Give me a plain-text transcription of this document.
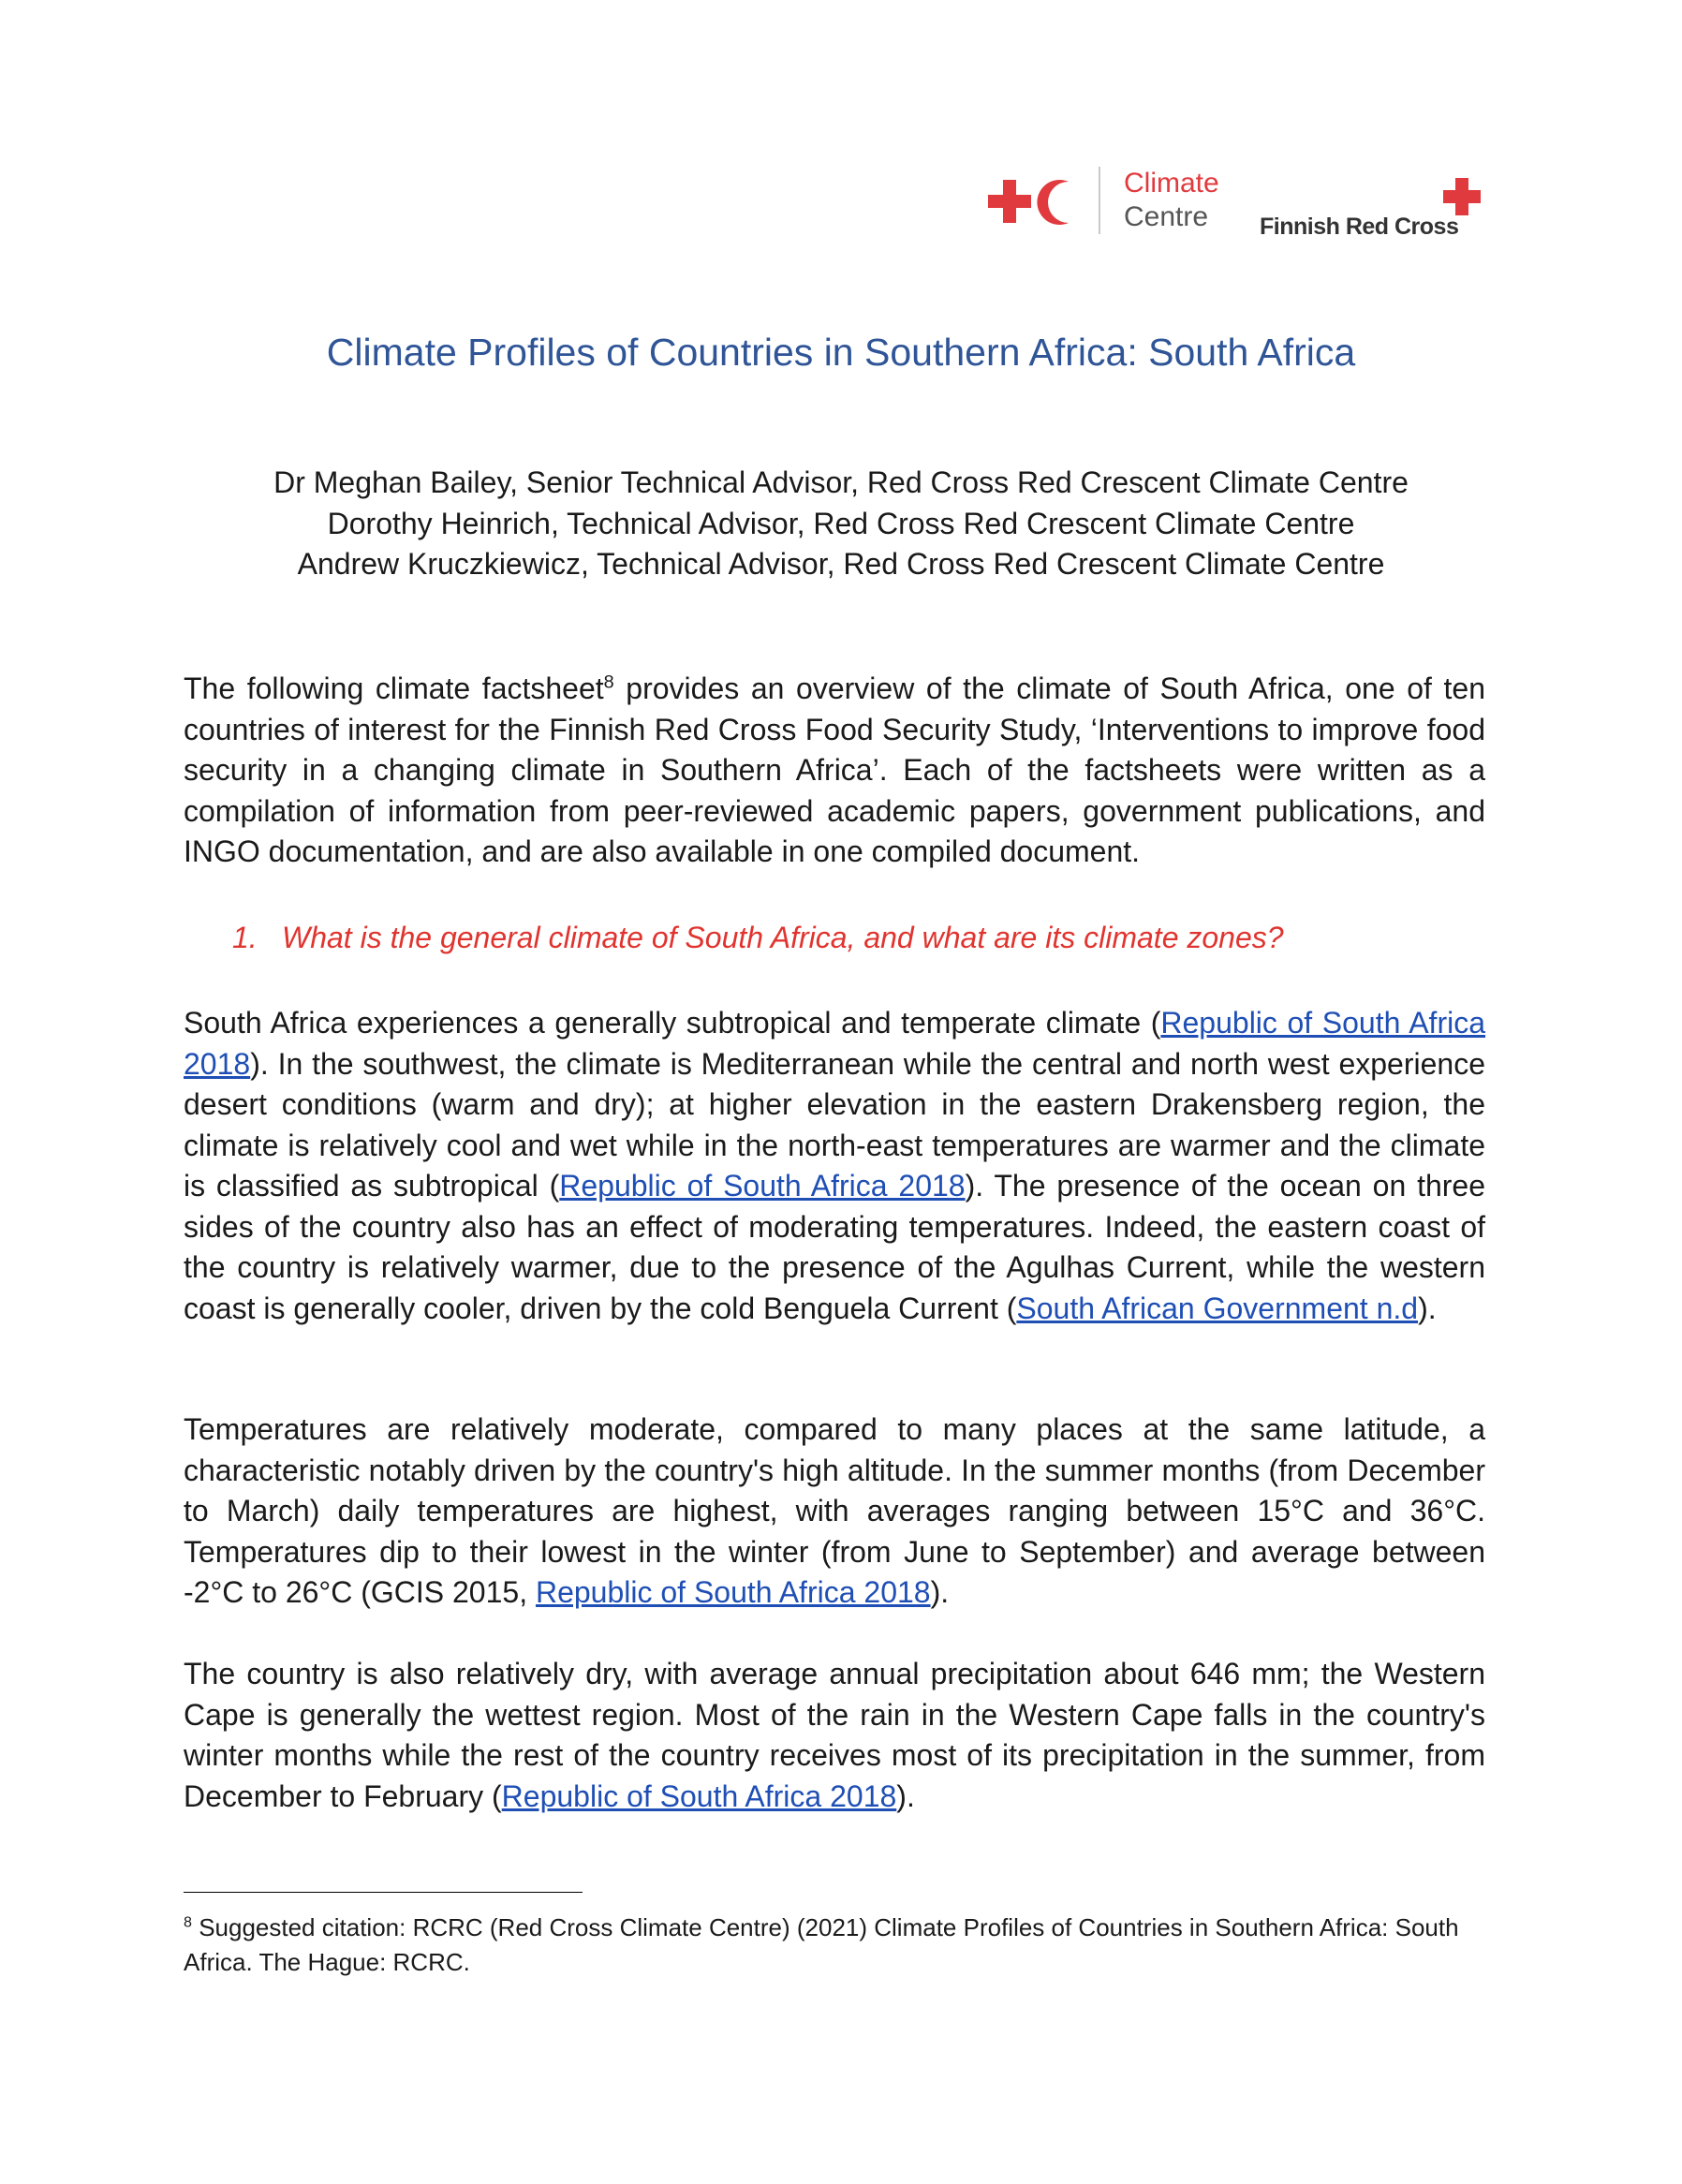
Climate
Centre	Finnish Red Cross
Climate Profiles of Countries in Southern Africa: South Africa
Dr Meghan Bailey, Senior Technical Advisor, Red Cross Red Crescent Climate Centre
Dorothy Heinrich, Technical Advisor, Red Cross Red Crescent Climate Centre
Andrew Kruczkiewicz, Technical Advisor, Red Cross Red Crescent Climate Centre

The following climate factsheet$^8$ provides an overview of the climate of South Africa, one of ten countries of interest for the Finnish Red Cross Food Security Study, ‘Interventions to improve food security in a changing climate in Southern Africa’. Each of the factsheets were written as a compilation of information from peer-reviewed academic papers, government publications, and INGO documentation, and are also available in one compiled document.

1. What is the general climate of South Africa, and what are its climate zones?

South Africa experiences a generally subtropical and temperate climate (Republic of South Africa 2018). In the southwest, the climate is Mediterranean while the central and north west experience desert conditions (warm and dry); at higher elevation in the eastern Drakensberg region, the climate is relatively cool and wet while in the north-east temperatures are warmer and the climate is classified as subtropical (Republic of South Africa 2018). The presence of the ocean on three sides of the country also has an effect of moderating temperatures. Indeed, the eastern coast of the country is relatively warmer, due to the presence of the Agulhas Current, while the western coast is generally cooler, driven by the cold Benguela Current (South African Government n.d).

Temperatures are relatively moderate, compared to many places at the same latitude, a characteristic notably driven by the country's high altitude. In the summer months (from December to March) daily temperatures are highest, with averages ranging between 15°C and 36°C. Temperatures dip to their lowest in the winter (from June to September) and average between -2°C to 26°C (GCIS 2015, Republic of South Africa 2018).

The country is also relatively dry, with average annual precipitation about 646 mm; the Western Cape is generally the wettest region. Most of the rain in the Western Cape falls in the country's winter months while the rest of the country receives most of its precipitation in the summer, from December to February (Republic of South Africa 2018).

$^8$ Suggested citation: RCRC (Red Cross Climate Centre) (2021) Climate Profiles of Countries in Southern Africa: South Africa. The Hague: RCRC.
